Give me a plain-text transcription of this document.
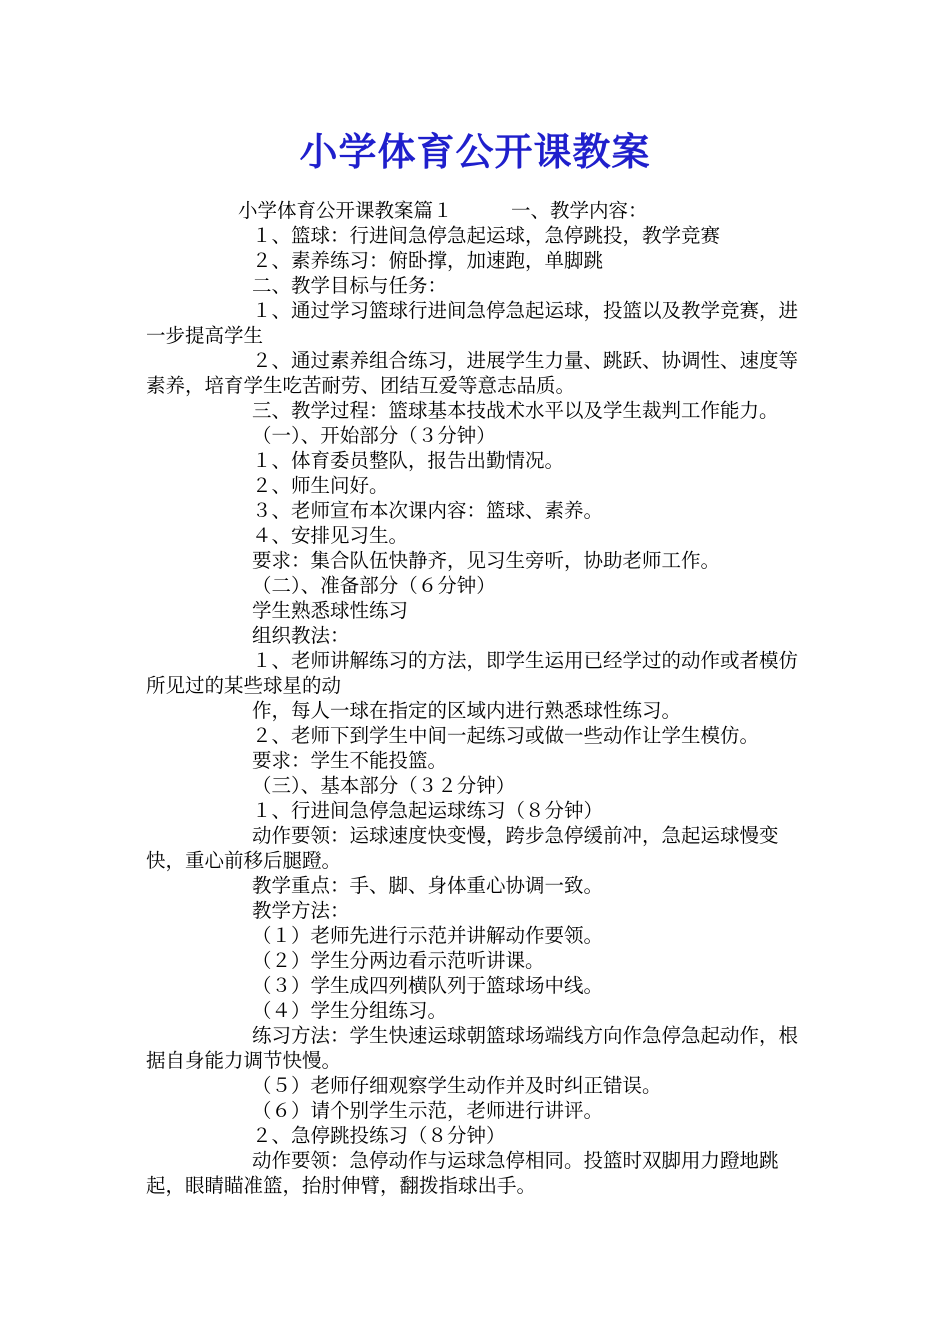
小学体育公开课教案

小学体育公开课教案篇１　　　一、教学内容：

１、篮球：行进间急停急起运球，急停跳投，教学竞赛

２、素养练习：俯卧撑，加速跑，单脚跳

二、教学目标与任务：

１、通过学习篮球行进间急停急起运球，投篮以及教学竞赛，进一步提高学生

２、通过素养组合练习，进展学生力量、跳跃、协调性、速度等素养，培育学生吃苦耐劳、团结互爱等意志品质。

三、教学过程：篮球基本技战术水平以及学生裁判工作能力。

（一）、开始部分（３分钟）

１、体育委员整队，报告出勤情况。

２、师生问好。

３、老师宣布本次课内容：篮球、素养。

４、安排见习生。

要求：集合队伍快静齐，见习生旁听，协助老师工作。

（二）、准备部分（６分钟）

学生熟悉球性练习

组织教法：

１、老师讲解练习的方法，即学生运用已经学过的动作或者模仿所见过的某些球星的动

作，每人一球在指定的区域内进行熟悉球性练习。

２、老师下到学生中间一起练习或做一些动作让学生模仿。

要求：学生不能投篮。

（三）、基本部分（３２分钟）

１、行进间急停急起运球练习（８分钟）

动作要领：运球速度快变慢，跨步急停缓前冲，急起运球慢变快，重心前移后腿蹬。

教学重点：手、脚、身体重心协调一致。

教学方法：

（１）老师先进行示范并讲解动作要领。

（２）学生分两边看示范听讲课。

（３）学生成四列横队列于篮球场中线。

（４）学生分组练习。

练习方法：学生快速运球朝篮球场端线方向作急停急起动作，根据自身能力调节快慢。

（５）老师仔细观察学生动作并及时纠正错误。

（６）请个别学生示范，老师进行讲评。

２、急停跳投练习（８分钟）

动作要领：急停动作与运球急停相同。投篮时双脚用力蹬地跳起，眼睛瞄准篮，抬肘伸臂，翻拨指球出手。
